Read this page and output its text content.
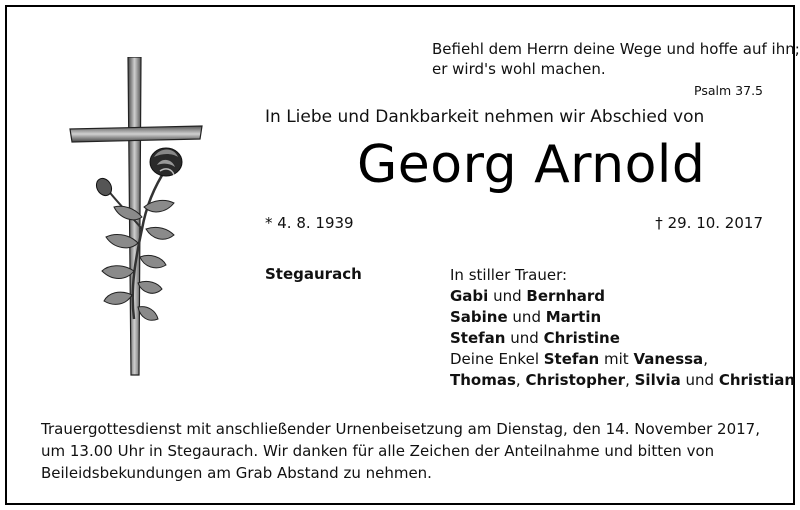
Befiehl dem Herrn deine Wege und hoffe auf ihn;
er wird's wohl machen.
Psalm 37.5
In Liebe und Dankbarkeit nehmen wir Abschied von
Georg Arnold
* 4. 8. 1939	† 29. 10. 2017
Stegaurach	In stiller Trauer:
Gabi und Bernhard
Sabine und Martin
Stefan und Christine
Deine Enkel Stefan mit Vanessa,
Thomas, Christopher, Silvia und Christian
Trauergottesdienst mit anschließender Urnenbeisetzung am Dienstag, den 14. November 2017,
um 13.00 Uhr in Stegaurach. Wir danken für alle Zeichen der Anteilnahme und bitten von
Beileidsbekundungen am Grab Abstand zu nehmen.
